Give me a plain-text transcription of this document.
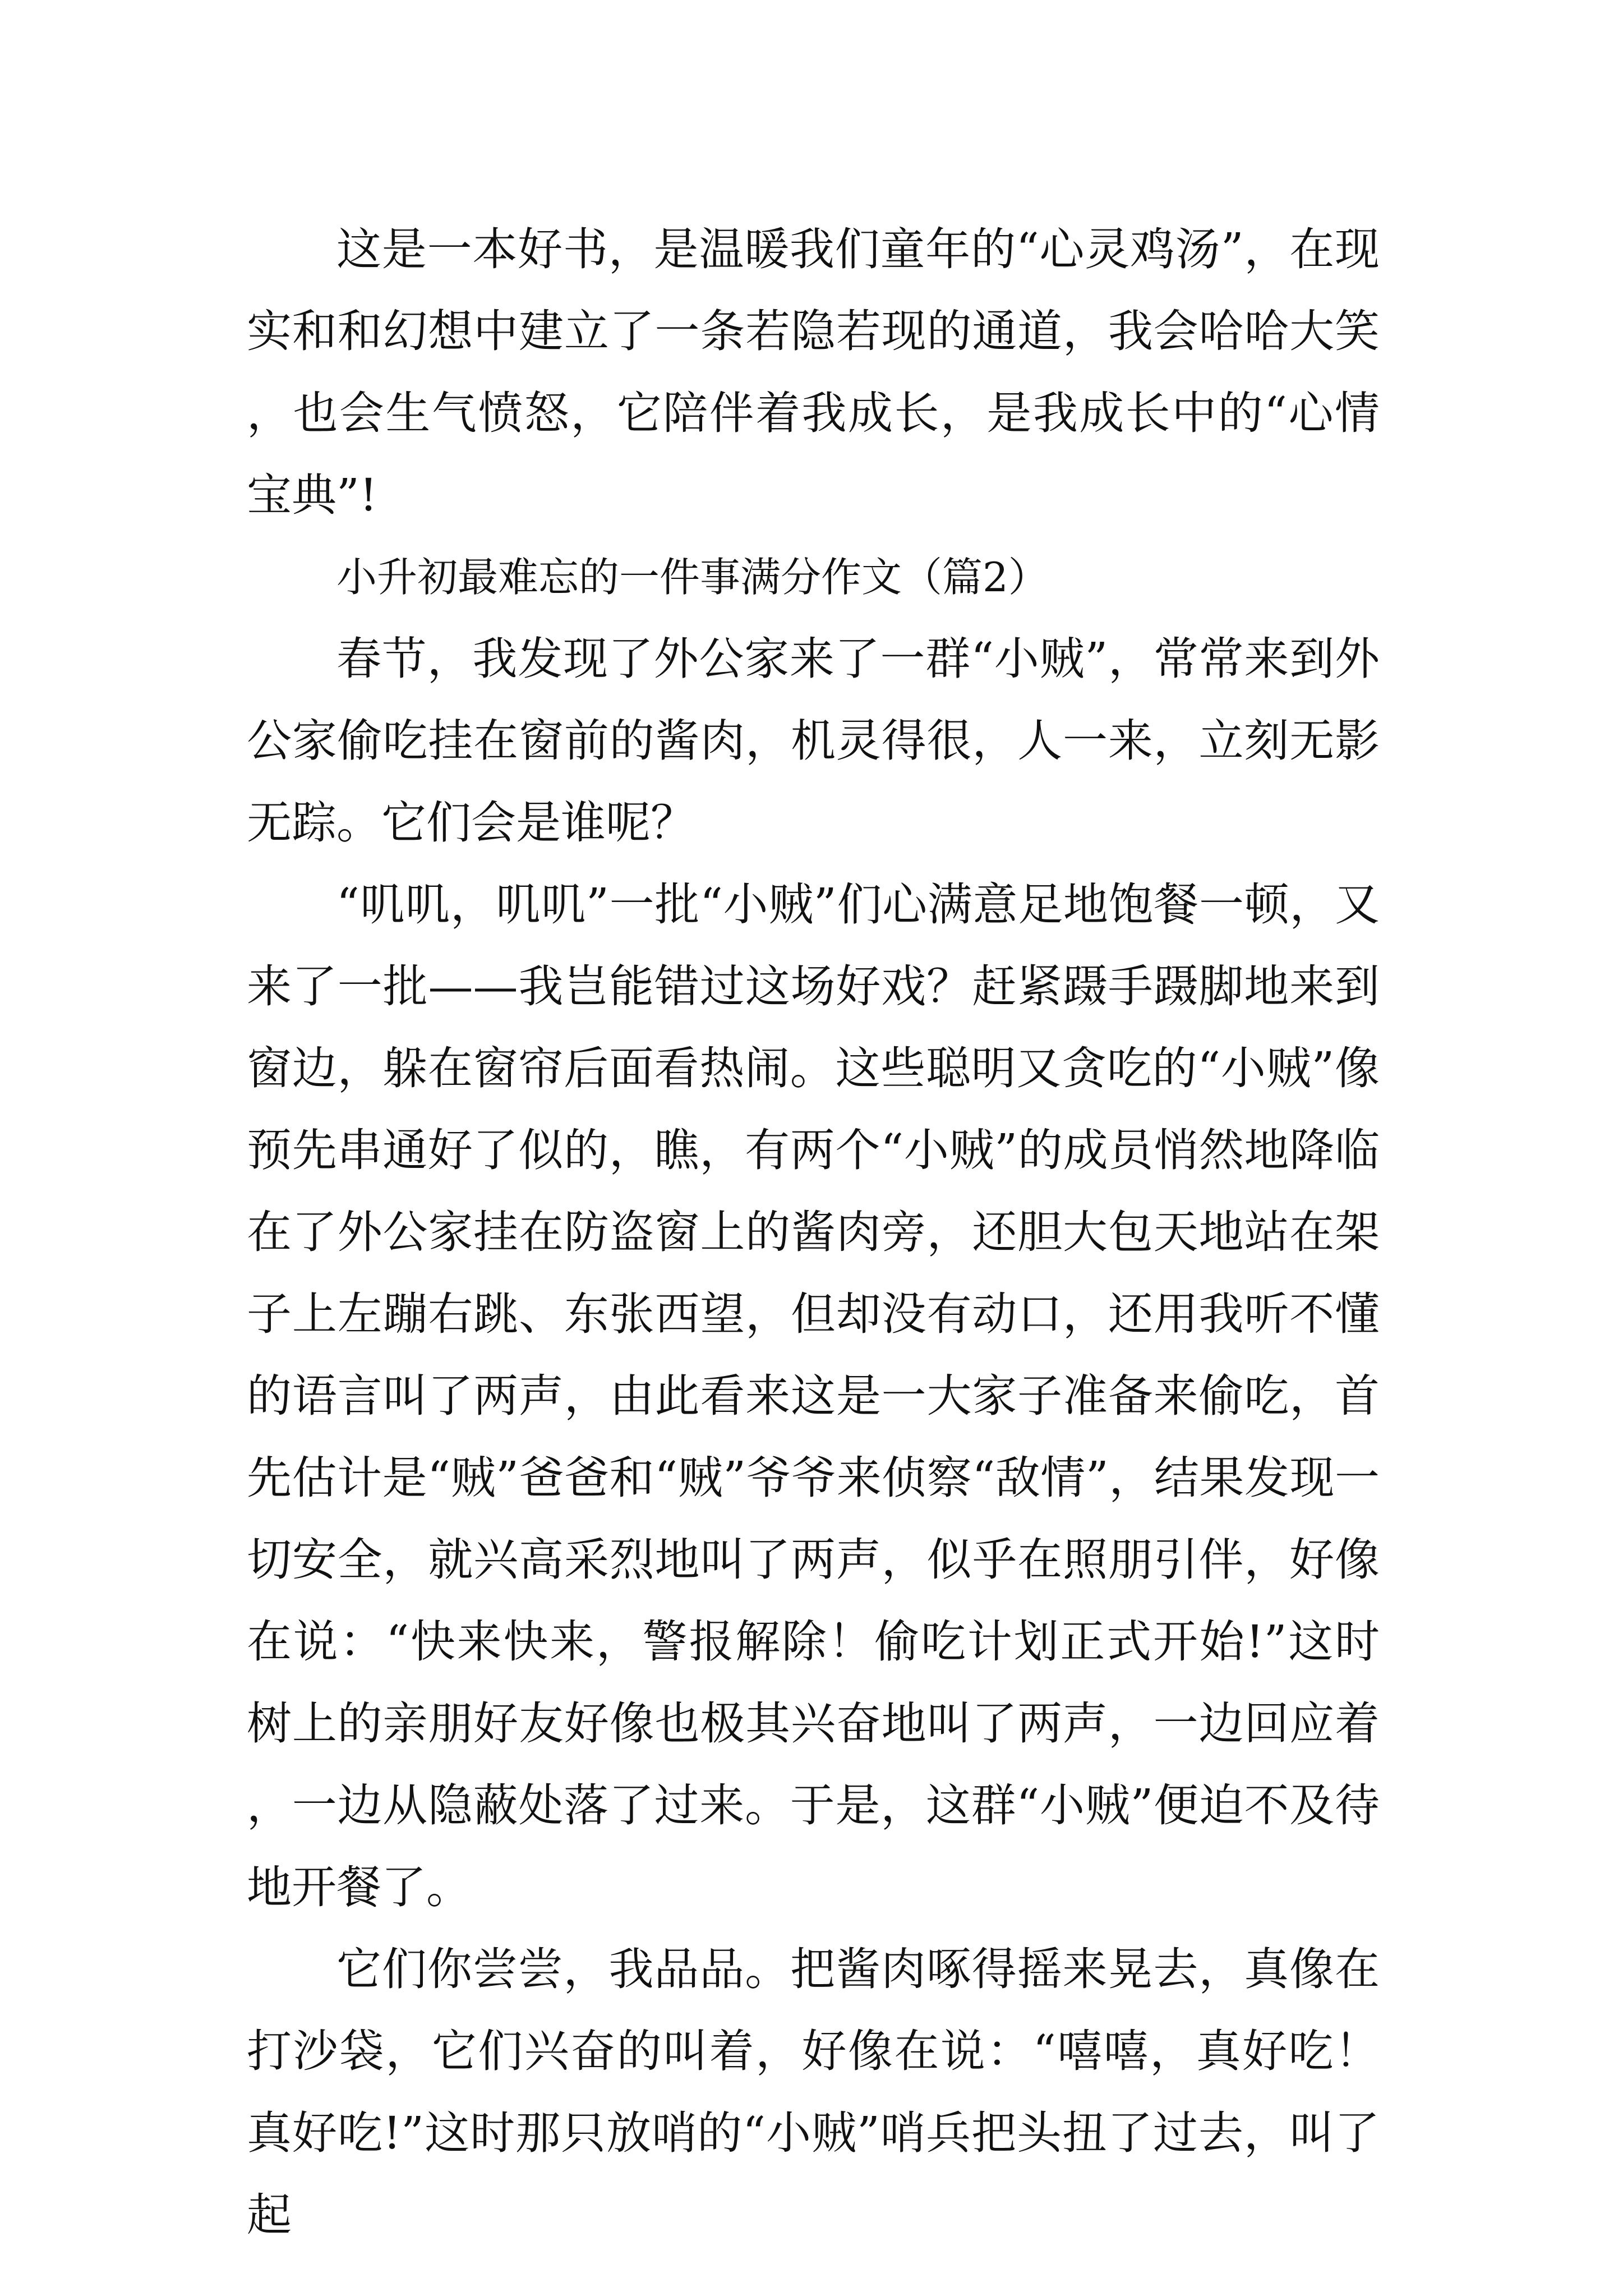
这是一本好书，是温暖我们童年的“心灵鸡汤”，在现实和和幻想中建立了一条若隐若现的通道，我会哈哈大笑，也会生气愤怒，它陪伴着我成长，是我成长中的“心情宝典”!

小升初最难忘的一件事满分作文（篇2）

春节，我发现了外公家来了一群“小贼”，常常来到外公家偷吃挂在窗前的酱肉，机灵得很，人一来，立刻无影无踪。它们会是谁呢？

“叽叽，叽叽”一批“小贼”们心满意足地饱餐一顿，又来了一批——我岂能错过这场好戏？赶紧蹑手蹑脚地来到窗边，躲在窗帘后面看热闹。这些聪明又贪吃的“小贼”像预先串通好了似的，瞧，有两个“小贼”的成员悄然地降临在了外公家挂在防盗窗上的酱肉旁，还胆大包天地站在架子上左蹦右跳、东张西望，但却没有动口，还用我听不懂的语言叫了两声，由此看来这是一大家子准备来偷吃，首先估计是“贼”爸爸和“贼”爷爷来侦察“敌情”，结果发现一切安全，就兴高采烈地叫了两声，似乎在照朋引伴，好像在说：“快来快来，警报解除！偷吃计划正式开始!”这时树上的亲朋好友好像也极其兴奋地叫了两声，一边回应着，一边从隐蔽处落了过来。于是，这群“小贼”便迫不及待地开餐了。

它们你尝尝，我品品。把酱肉啄得摇来晃去，真像在打沙袋，它们兴奋的叫着，好像在说：“嘻嘻，真好吃！真好吃!”这时那只放哨的“小贼”哨兵把头扭了过去，叫了起
